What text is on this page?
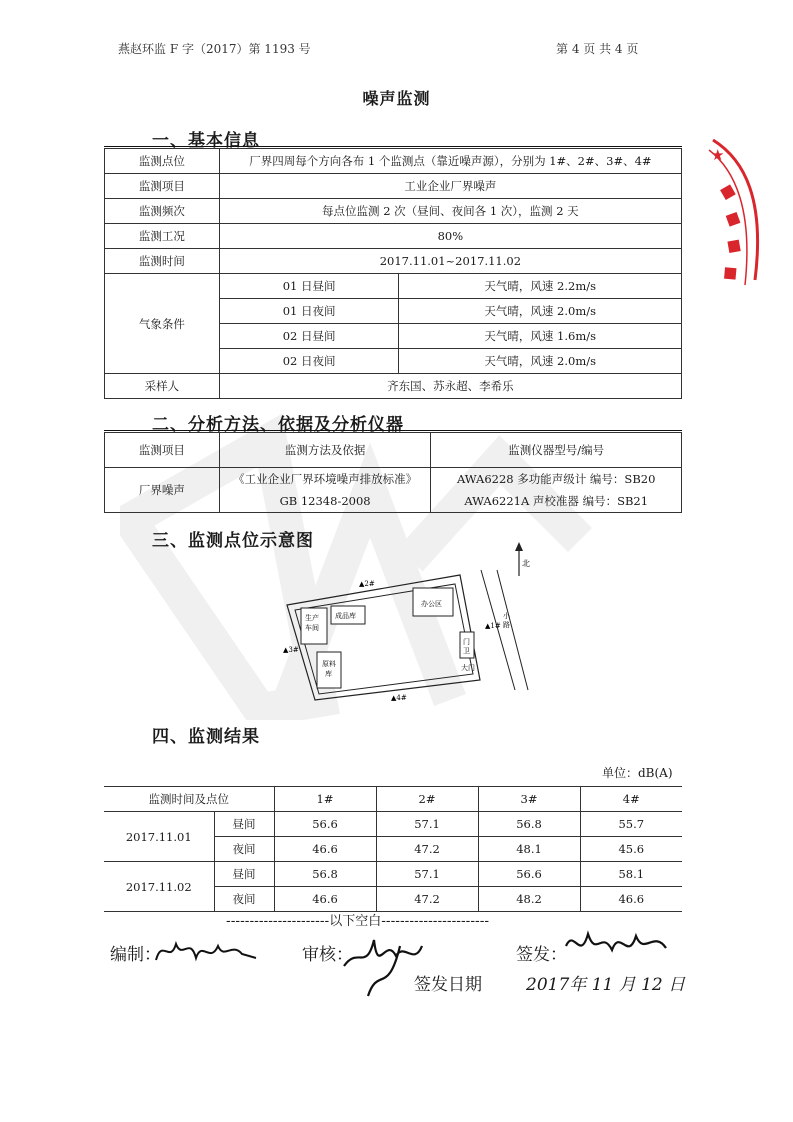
燕赵环监 F 字（2017）第 1193 号	第 4 页 共 4 页
噪声监测
一、基本信息
监测点位	厂界四周每个方向各布 1 个监测点（靠近噪声源），分别为 1#、2#、3#、4#	
监测项目	工业企业厂界噪声	
监测频次	每点位监测 2 次（昼间、夜间各 1 次），监测 2 天	
监测工况	80%	
监测时间	2017.11.01~2017.11.02	
气象条件	01 日昼间	天气晴，风速 2.2m/s
	01 日夜间	天气晴，风速 2.0m/s
	02 日昼间	天气晴，风速 1.6m/s
	02 日夜间	天气晴，风速 2.0m/s
采样人	齐东国、苏永超、李希乐	
二、分析方法、依据及分析仪器
监测项目	监测方法及依据	监测仪器型号/编号
厂界噪声	《工业企业厂界环境噪声排放标准》	AWA6228 多功能声级计 编号：SB20
	GB 12348-2008	AWA6221A 声校准器 编号：SB21
三、监测点位示意图
北
小路
生产车间
成品库
原料库
办公区
门卫
大门
▲1#
▲2#
▲3#
▲4#
四、监测结果
单位：dB(A)
监测时间及点位		1#	2#	3#	4#
2017.11.01	昼间	56.6	57.1	56.8	55.7
	夜间	46.6	47.2	48.1	45.6
2017.11.02	昼间	56.8	57.1	56.6	58.1
	夜间	46.6	47.2	48.2	46.6
----------------------以下空白-----------------------
编制：	审核：
签发日期
签发：
2017年 11 月 12 日
★
■
■
■
■
